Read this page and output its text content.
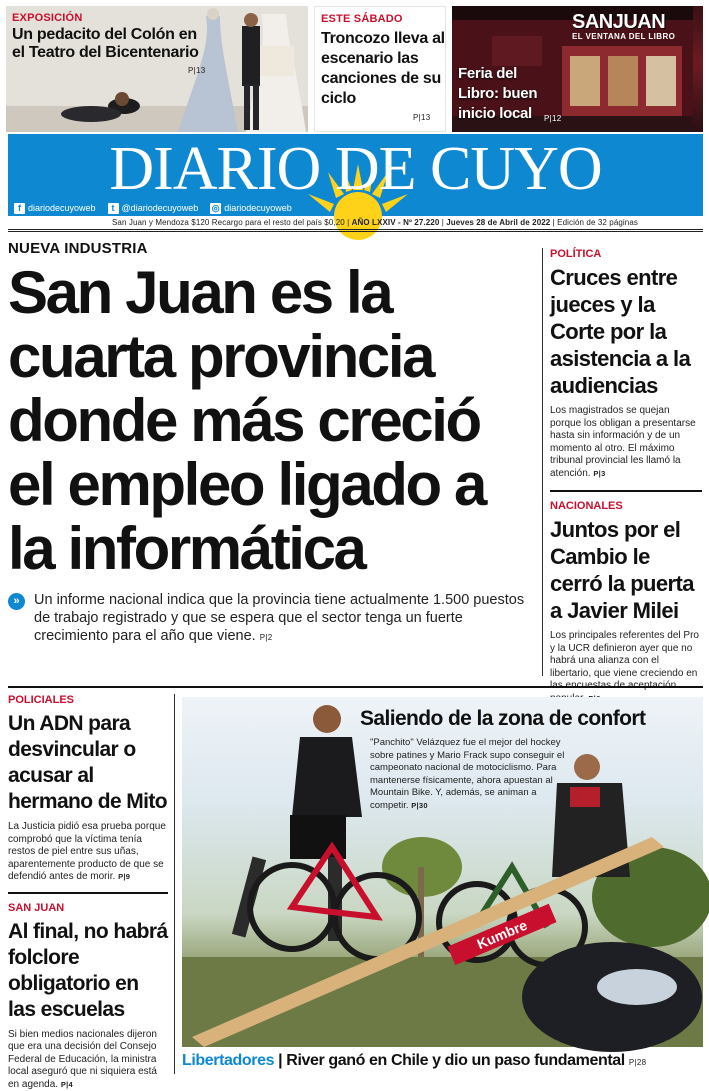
EXPOSICIÓN
Un pedacito del Colón en el Teatro del Bicentenario
P|13
ESTE SÁBADO
Troncozo lleva al escenario las canciones de su ciclo
P|13
SANJUAN
EL VENTANA DEL LIBRO
Feria del Libro: buen inicio local	P|12
DIARIO DE CUYO
f diariodecuyoweb	t @diariodecuyoweb ◎ diariodecuyoweb
San Juan y Mendoza $120 Recargo para el resto del país $0,20 | AÑO LXXIV - Nº 27.220 | Jueves 28 de Abril de 2022 | Edición de 32 páginas
NUEVA INDUSTRIA
San Juan es la cuarta provincia donde más creció el empleo ligado a la informática
» Un informe nacional indica que la provincia tiene actualmente 1.500 puestos de trabajo registrado y que se espera que el sector tenga un fuerte crecimiento para el año que viene. P|2
POLÍTICA
Cruces entre jueces y la Corte por la asistencia a la audiencias

Los magistrados se quejan porque los obligan a presentarse hasta sin información y de un momento al otro. El máximo tribunal provincial les llamó la atención. P|3

NACIONALES
Juntos por el Cambio le cerró la puerta a Javier Milei

Los principales referentes del Pro y la UCR definieron ayer que no habrá una alianza con el libertario, que viene creciendo en

POLICIALES
Un ADN para desvincular o acusar al hermano de Mito

La Justicia pidió esa prueba porque comprobó que la víctima tenía restos de piel entre sus uñas, aparentemente producto de que se defendió antes de morir. P|9

SAN JUAN
Al final, no habrá folclore obligatorio en las escuelas

Si bien medios nacionales dijeron que era una decisión del Consejo Federal de Educación, la ministra local aseguró que ni siquiera está en agenda. P|4

Kumbre
Saliendo de la zona de confort
"Panchito" Velázquez fue el mejor del hockey sobre patines y Mario Frack supo conseguir el campeonato nacional de motociclismo. Para mantenerse físicamente, ahora apuestan al Mountain Bike. Y, además, se animan a competir. P|30
Libertadores | River ganó en Chile y dio un paso fundamental P|28
